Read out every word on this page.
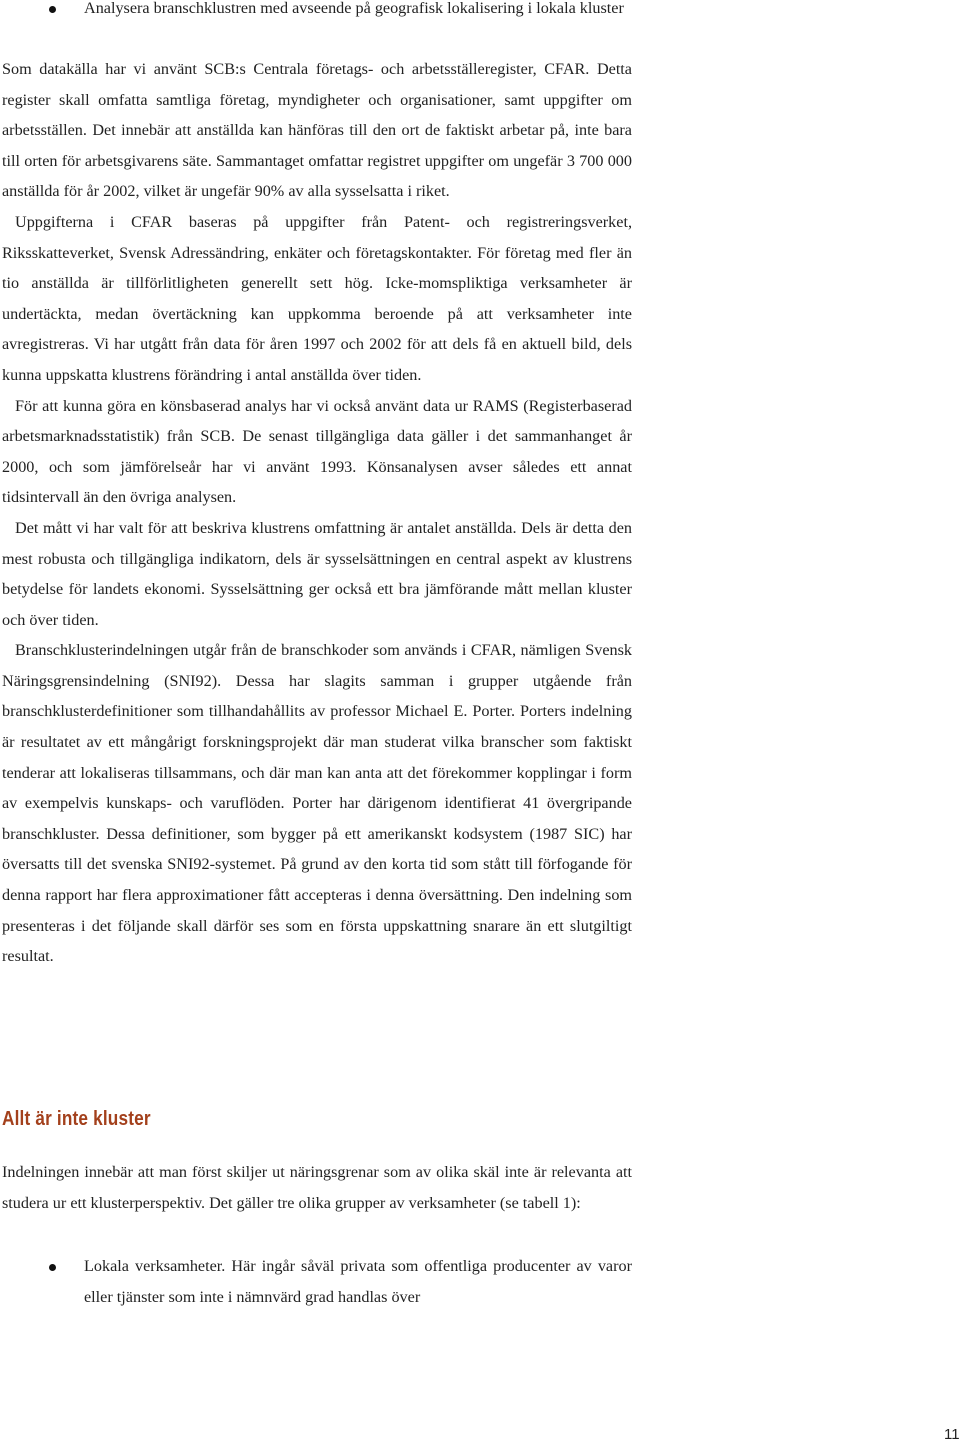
Analysera branschklustren med avseende på geografisk lokalisering i lokala kluster

Som datakälla har vi använt SCB:s Centrala företags- och arbetsställeregister, CFAR. Detta register skall omfatta samtliga företag, myndigheter och organisationer, samt uppgifter om arbetsställen. Det innebär att anställda kan hänföras till den ort de faktiskt arbetar på, inte bara till orten för arbetsgivarens säte. Sammantaget omfattar registret uppgifter om ungefär 3 700 000 anställda för år 2002, vilket är ungefär 90% av alla sysselsatta i riket.

Uppgifterna i CFAR baseras på uppgifter från Patent- och registreringsverket, Riksskatteverket, Svensk Adressändring, enkäter och företagskontakter. För företag med fler än tio anställda är tillförlitligheten generellt sett hög. Icke-momspliktiga verksamheter är undertäckta, medan övertäckning kan uppkomma beroende på att verksamheter inte avregistreras. Vi har utgått från data för åren 1997 och 2002 för att dels få en aktuell bild, dels kunna uppskatta klustrens förändring i antal anställda över tiden.

För att kunna göra en könsbaserad analys har vi också använt data ur RAMS (Registerbaserad arbetsmarknadsstatistik) från SCB. De senast tillgängliga data gäller i det sammanhanget år 2000, och som jämförelseår har vi använt 1993. Könsanalysen avser således ett annat tidsintervall än den övriga analysen.

Det mått vi har valt för att beskriva klustrens omfattning är antalet anställda. Dels är detta den mest robusta och tillgängliga indikatorn, dels är sysselsättningen en central aspekt av klustrens betydelse för landets ekonomi. Sysselsättning ger också ett bra jämförande mått mellan kluster och över tiden.

Branschklusterindelningen utgår från de branschkoder som används i CFAR, nämligen Svensk Näringsgrensindelning (SNI92). Dessa har slagits samman i grupper utgående från branschklusterdefinitioner som tillhandahållits av professor Michael E. Porter. Porters indelning är resultatet av ett mångårigt forskningsprojekt där man studerat vilka branscher som faktiskt tenderar att lokaliseras tillsammans, och där man kan anta att det förekommer kopplingar i form av exempelvis kunskaps- och varuflöden. Porter har därigenom identifierat 41 övergripande branschkluster. Dessa definitioner, som bygger på ett amerikanskt kodsystem (1987 SIC) har översatts till det svenska SNI92-systemet. På grund av den korta tid som stått till förfogande för denna rapport har flera approximationer fått accepteras i denna översättning. Den indelning som presenteras i det följande skall därför ses som en första uppskattning snarare än ett slutgiltigt resultat.

Allt är inte kluster

Indelningen innebär att man först skiljer ut näringsgrenar som av olika skäl inte är relevanta att studera ur ett klusterperspektiv. Det gäller tre olika grupper av verksamheter (se tabell 1):

Lokala verksamheter. Här ingår såväl privata som offentliga producenter av varor eller tjänster som inte i nämnvärd grad handlas över

11
